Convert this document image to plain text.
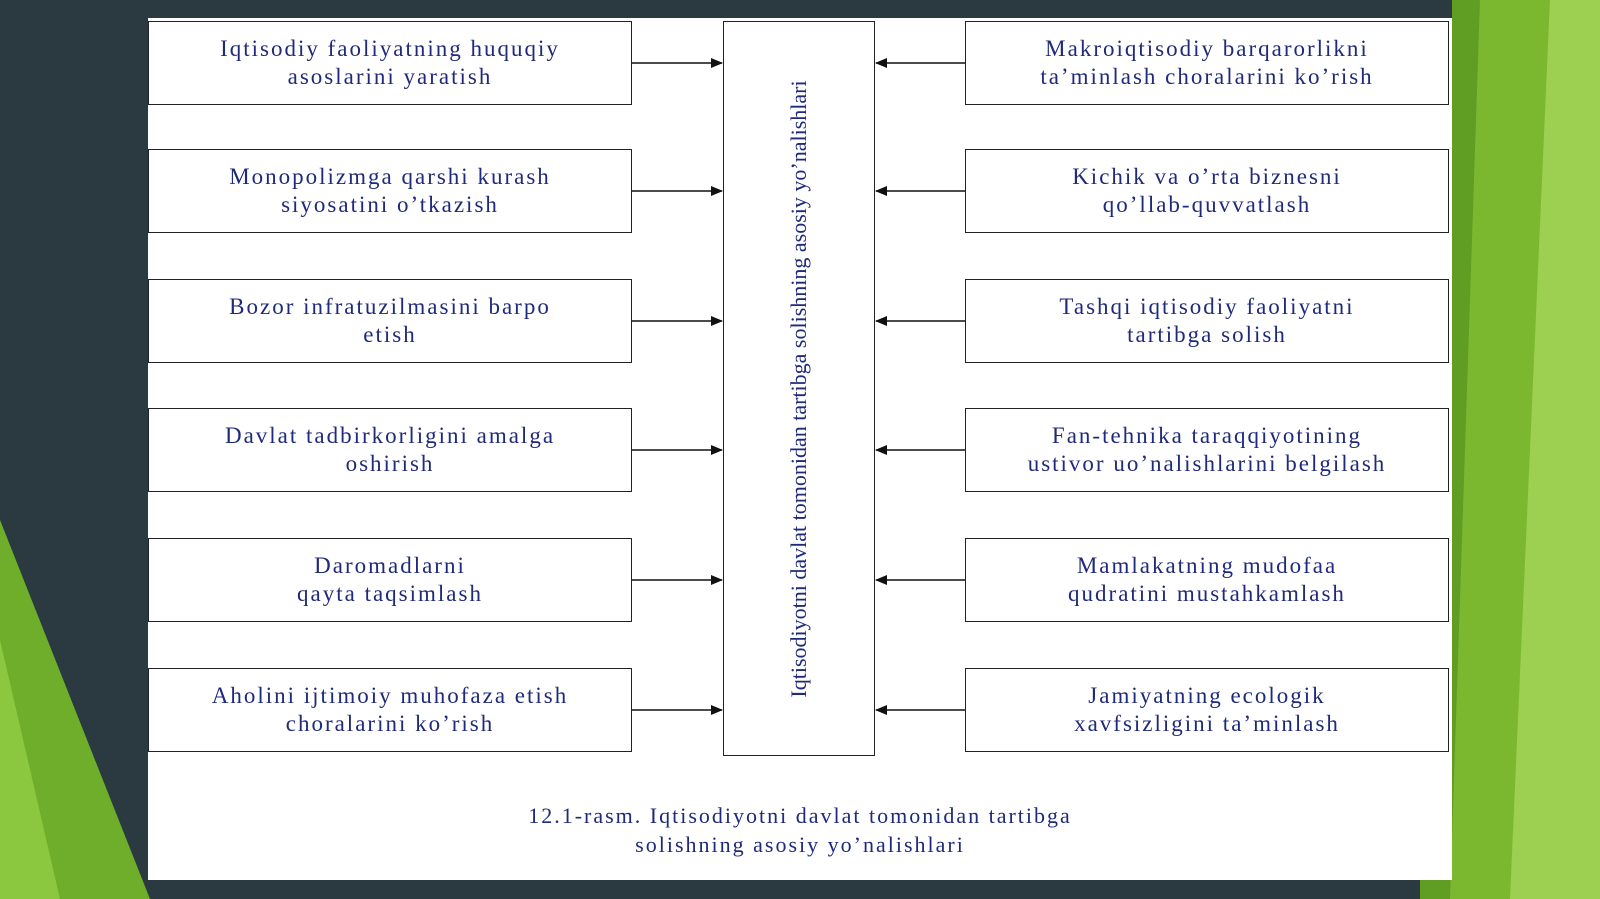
Iqtisodiy faoliyatning huquqiy
asoslarini yaratish
Monopolizmga qarshi kurash
siyosatini o’tkazish
Bozor infratuzilmasini barpo
etish
Davlat tadbirkorligini amalga
oshirish
Daromadlarni
qayta taqsimlash
Aholini ijtimoiy muhofaza etish
choralarini ko’rish
Iqtisodiyotni davlat tomonidan tartibga solishning asosiy yo’nalishlari
Makroiqtisodiy barqarorlikni
ta’minlash choralarini ko’rish
Kichik va o’rta biznesni
qo’llab-quvvatlash
Tashqi iqtisodiy faoliyatni
tartibga solish
Fan-tehnika taraqqiyotining
ustivor uo’nalishlarini belgilash
Mamlakatning mudofaa
qudratini mustahkamlash
Jamiyatning ecologik
xavfsizligini ta’minlash
12.1-rasm. Iqtisodiyotni davlat tomonidan tartibga
solishning asosiy yo’nalishlari
